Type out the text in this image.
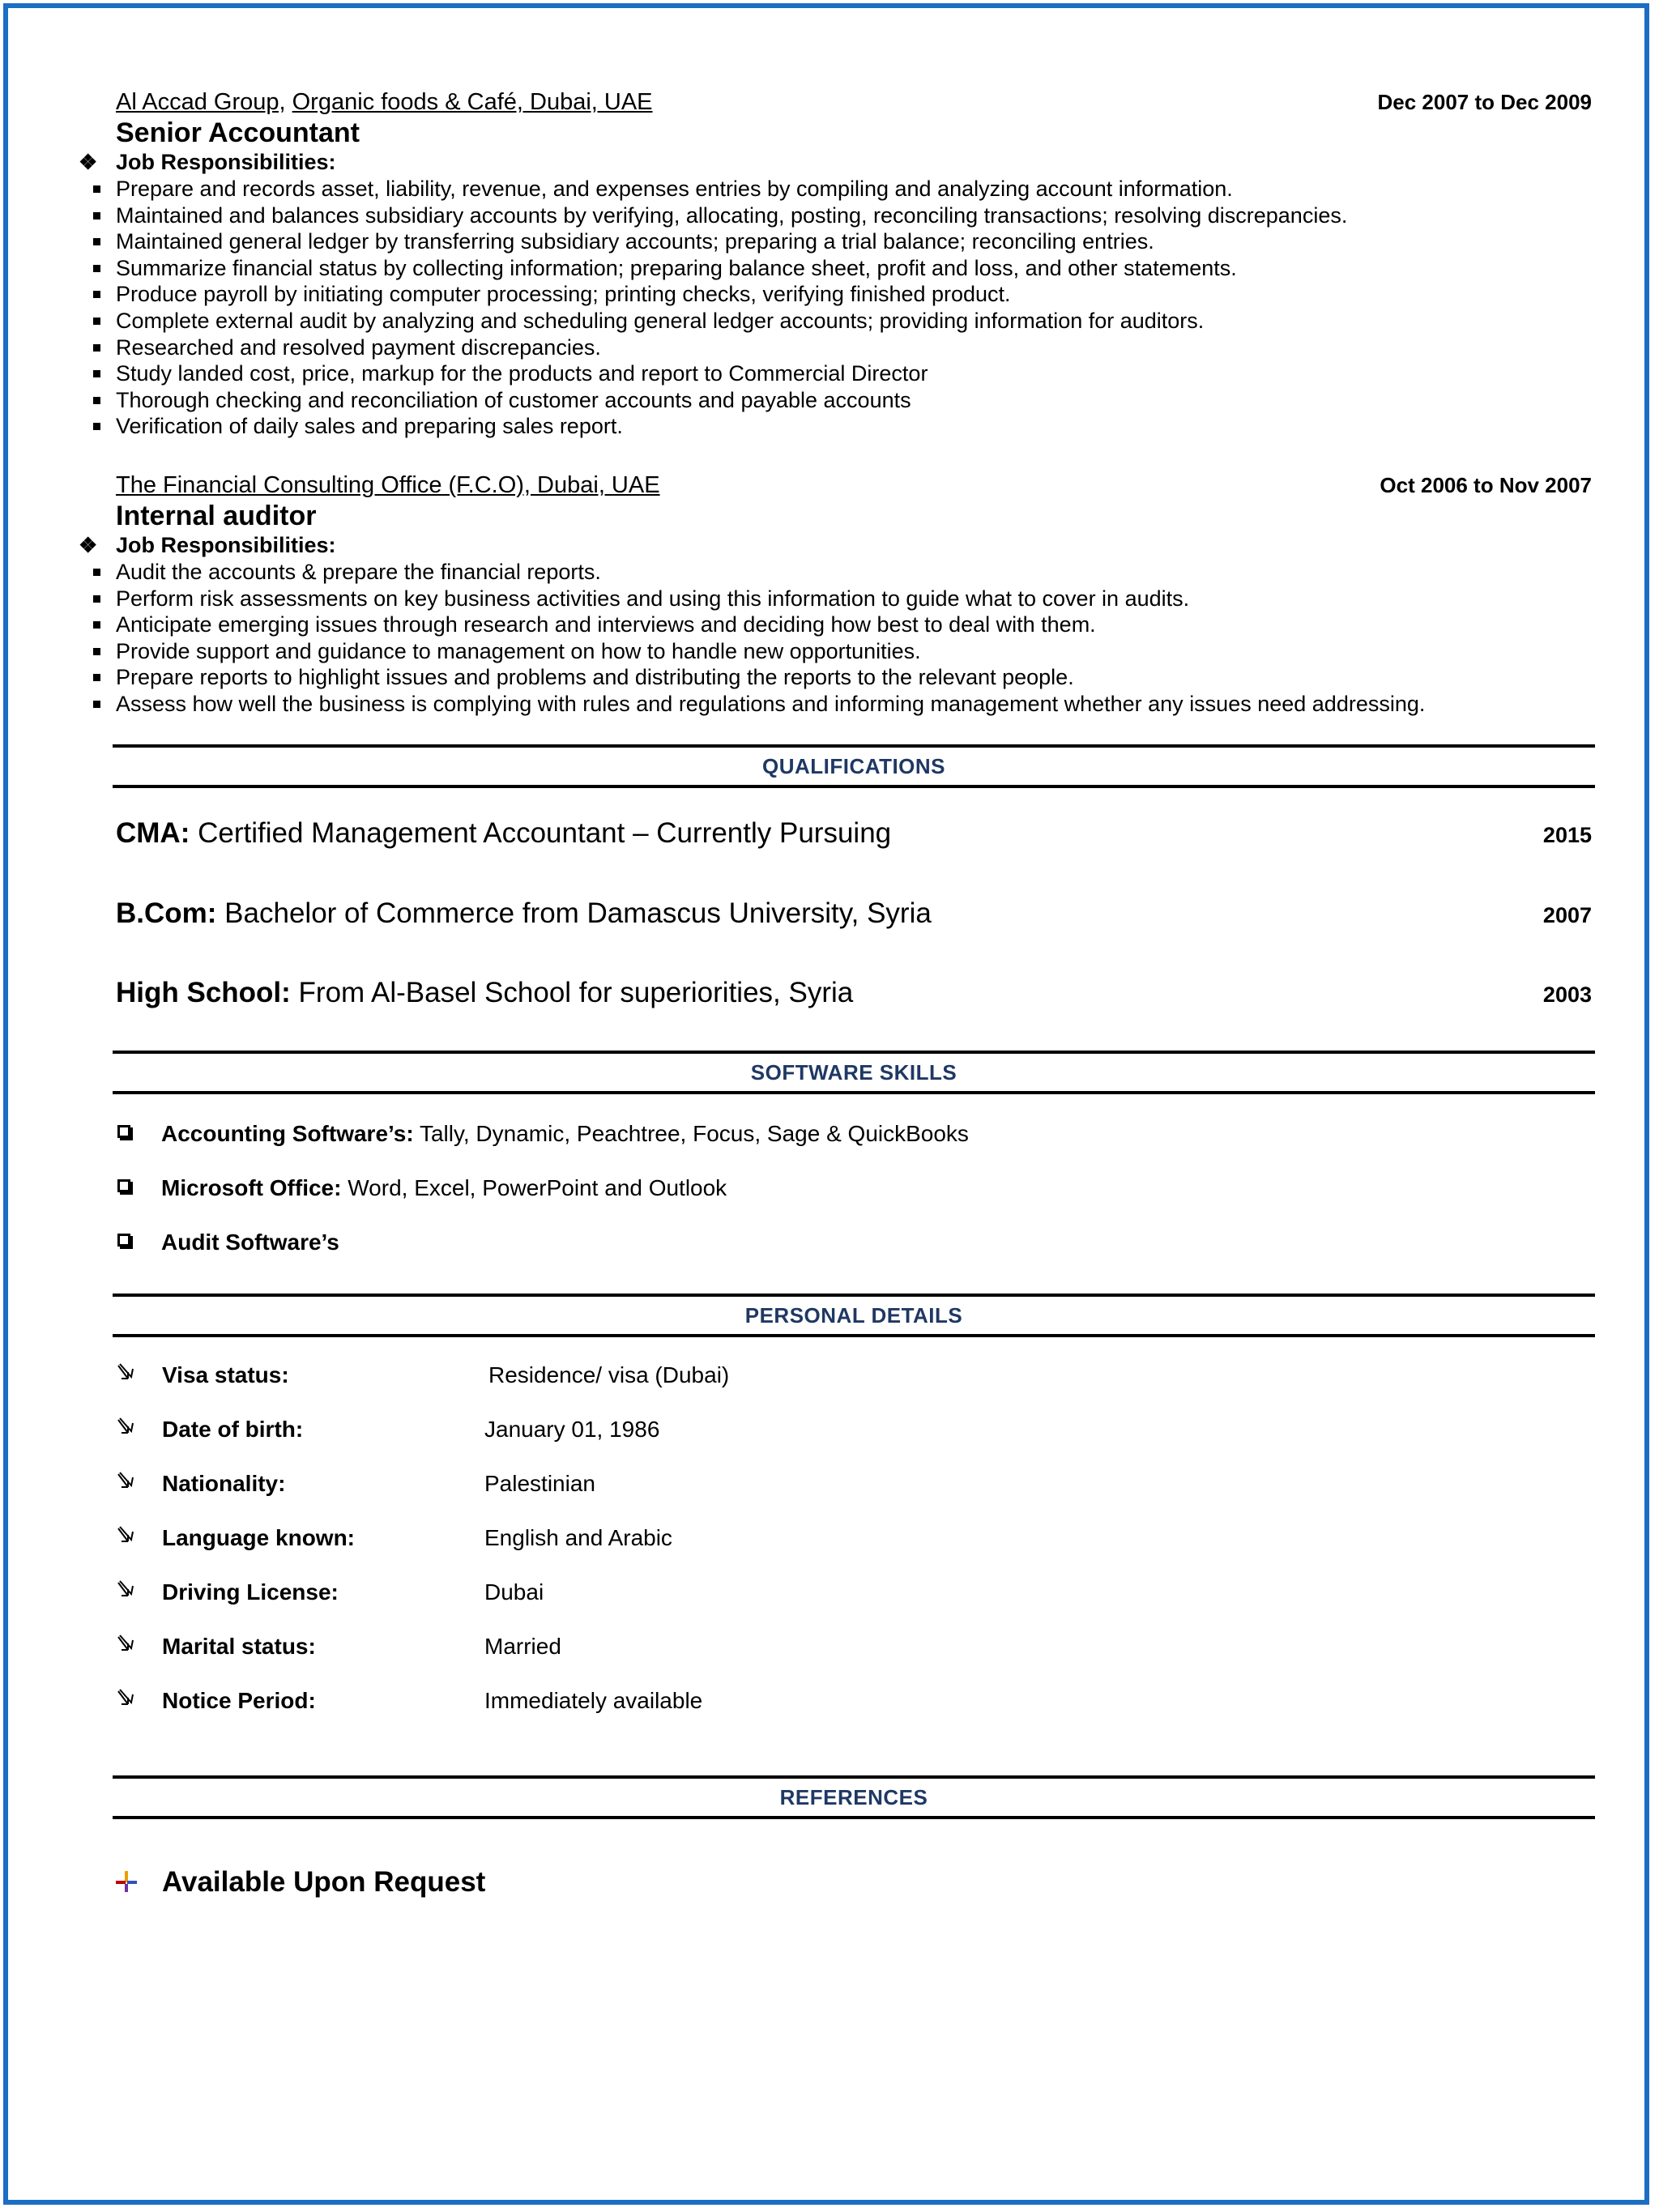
Al Accad Group, Organic foods & Café, Dubai, UAE	Dec 2007 to Dec 2009
Senior Accountant
❖ Job Responsibilities:
Prepare and records asset, liability, revenue, and expenses entries by compiling and analyzing account information.
Maintained and balances subsidiary accounts by verifying, allocating, posting, reconciling transactions; resolving discrepancies.
Maintained general ledger by transferring subsidiary accounts; preparing a trial balance; reconciling entries.
Summarize financial status by collecting information; preparing balance sheet, profit and loss, and other statements.
Produce payroll by initiating computer processing; printing checks, verifying finished product.
Complete external audit by analyzing and scheduling general ledger accounts; providing information for auditors.
Researched and resolved payment discrepancies.
Study landed cost, price, markup for the products and report to Commercial Director
Thorough checking and reconciliation of customer accounts and payable accounts
Verification of daily sales and preparing sales report.
The Financial Consulting Office (F.C.O), Dubai, UAE	Oct 2006 to Nov 2007
Internal auditor
❖ Job Responsibilities:
Audit the accounts & prepare the financial reports.
Perform risk assessments on key business activities and using this information to guide what to cover in audits.
Anticipate emerging issues through research and interviews and deciding how best to deal with them.
Provide support and guidance to management on how to handle new opportunities.
Prepare reports to highlight issues and problems and distributing the reports to the relevant people.
Assess how well the business is complying with rules and regulations and informing management whether any issues need addressing.
QUALIFICATIONS
CMA: Certified Management Accountant – Currently Pursuing	2015
B.Com: Bachelor of Commerce from Damascus University, Syria	2007
High School: From Al-Basel School for superiorities, Syria	2003
SOFTWARE SKILLS
Accounting Software’s: Tally, Dynamic, Peachtree, Focus, Sage & QuickBooks
Microsoft Office: Word, Excel, PowerPoint and Outlook
Audit Software’s
PERSONAL DETAILS
Visa status:	Residence/ visa (Dubai)
Date of birth:	January 01, 1986
Nationality:	Palestinian
Language known:	English and Arabic
Driving License:	Dubai
Marital status:	Married
Notice Period:	Immediately available
REFERENCES
Available Upon Request
